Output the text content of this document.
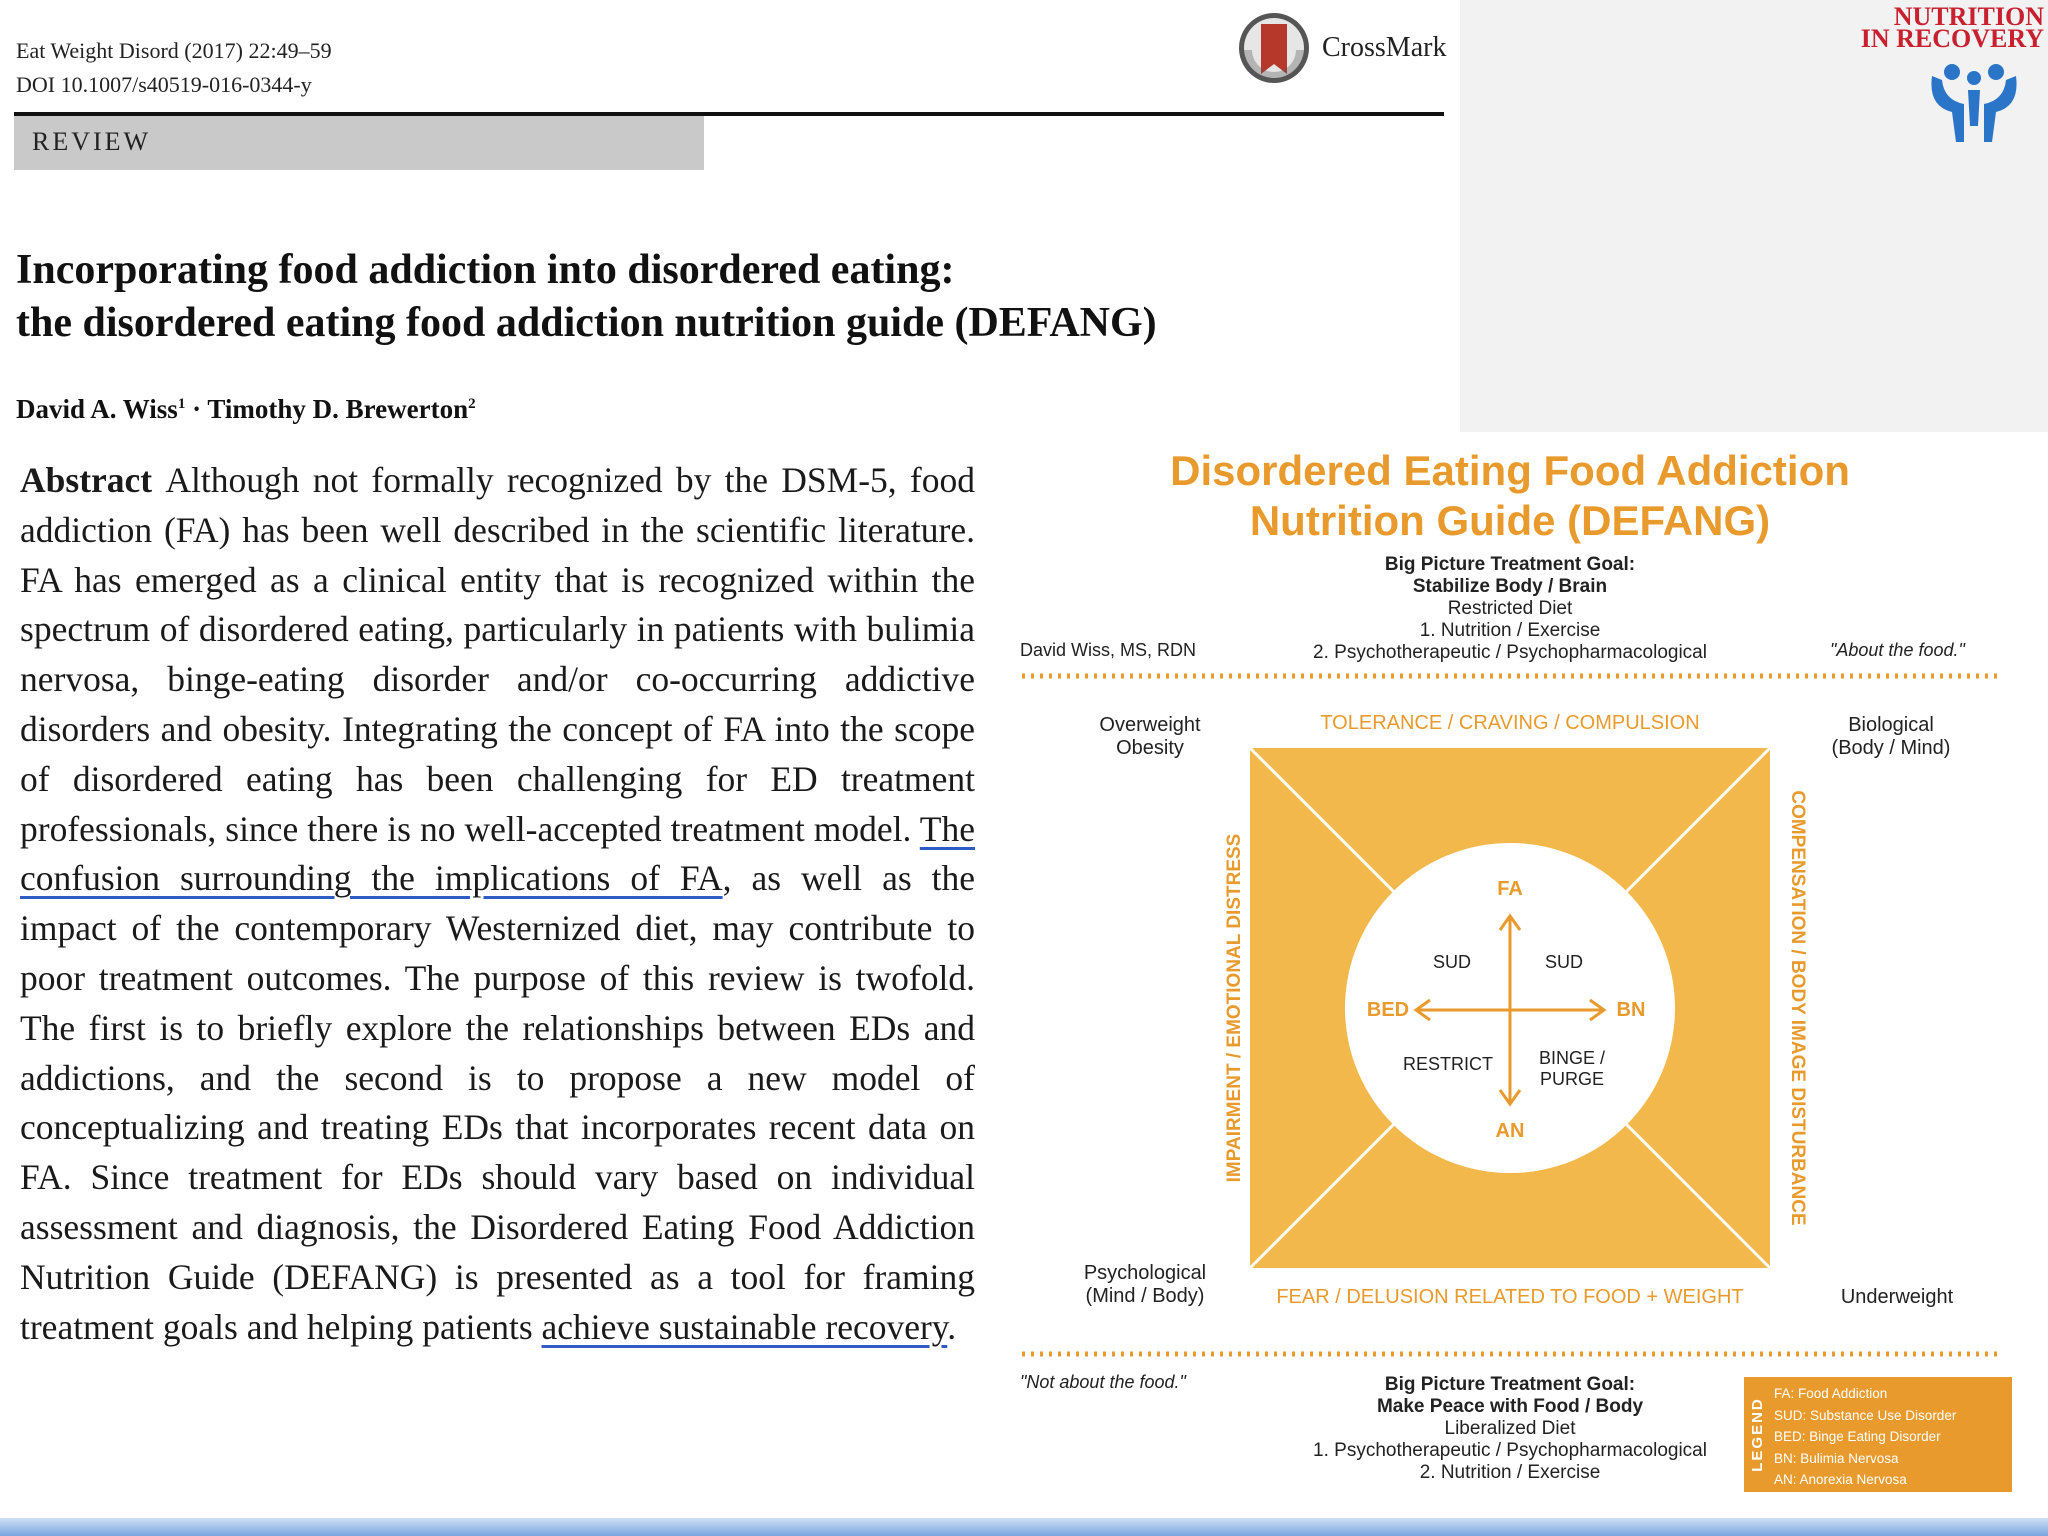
Eat Weight Disord (2017) 22:49–59
DOI 10.1007/s40519-016-0344-y
CrossMark
NUTRITION
IN RECOVERY
REVIEW
Incorporating food addiction into disordered eating:
the disordered eating food addiction nutrition guide (DEFANG)
David A. Wiss$^1$ · Timothy D. Brewerton$^2$
Abstract Although not formally recognized by the DSM-5, food addiction (FA) has been well described in the scientific literature. FA has emerged as a clinical entity that is recognized within the spectrum of disordered eating, particularly in patients with bulimia nervosa, binge-eating disorder and/or co-occurring addictive disorders and obesity. Integrating the concept of FA into the scope of disordered eating has been challenging for ED treatment professionals, since there is no well-accepted treatment model. The confusion surrounding the implications of FA, as well as the impact of the contemporary Westernized diet, may contribute to poor treatment outcomes. The purpose of this review is twofold. The first is to briefly explore the relationships between EDs and addictions, and the second is to propose a new model of conceptualizing and treating EDs that incorporates recent data on FA. Since treatment for EDs should vary based on individual assessment and diagnosis, the Disordered Eating Food Addiction Nutrition Guide (DEFANG) is presented as a tool for framing treatment goals and helping patients achieve sustainable recovery.
Disordered Eating Food Addiction
Nutrition Guide (DEFANG)
Big Picture Treatment Goal:
Stabilize Body / Brain
Restricted Diet
1. Nutrition / Exercise
2. Psychotherapeutic / Psychopharmacological
David Wiss, MS, RDN	"About the food."
TOLERANCE / CRAVING / COMPULSION
FEAR / DELUSION RELATED TO FOOD + WEIGHT
IMPAIRMENT / EMOTIONAL DISTRESS	COMPENSATION / BODY IMAGE DISTURBANCE
Overweight
Obesity
Biological
(Body / Mind)
Psychological
(Mind / Body)	Underweight
FA
AN
BED	BN
SUD	SUD
RESTRICT	BINGE /
PURGE
"Not about the food."	Big Picture Treatment Goal:
Make Peace with Food / Body
Liberalized Diet
1. Psychotherapeutic / Psychopharmacological
2. Nutrition / Exercise
LEGEND
FA: Food Addiction
SUD: Substance Use Disorder
BED: Binge Eating Disorder
BN: Bulimia Nervosa
AN: Anorexia Nervosa
